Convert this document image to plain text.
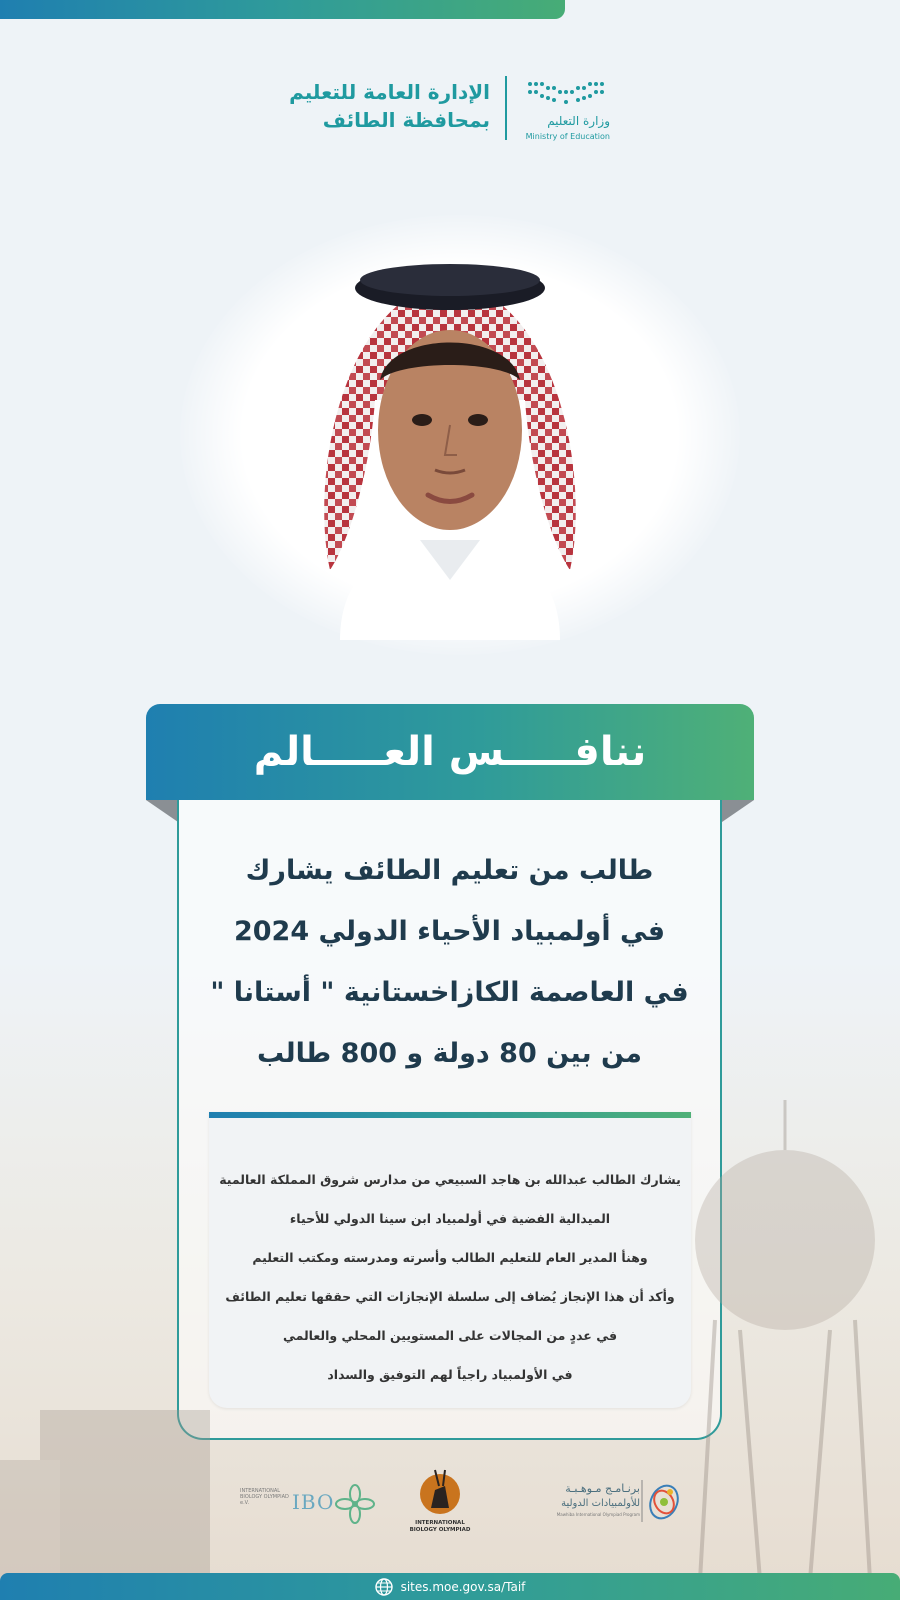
الإدارة العامة للتعليم
بمحافظة الطائف	وزارة التعليم
Ministry of Education
ننافـــــس العـــــالم
طالب من تعليم الطائف يشارك
في أولمبياد الأحياء الدولي 2024
في العاصمة الكازاخستانية " أستانا "
من بين 80 دولة و 800 طالب
يشارك الطالب عبدالله بن هاجد السبيعي من مدارس شروق المملكة العالمية
الميدالية الفضية في أولمبياد ابن سينا الدولي للأحياء
وهنأ المدير العام للتعليم الطالب وأسرته ومدرسته ومكتب التعليم
وأكد أن هذا الإنجاز يُضاف إلى سلسلة الإنجازات التي حققها تعليم الطائف
في عددٍ من المجالات على المستويين المحلي والعالمي
في الأولمبياد راجياً لهم التوفيق والسداد
INTERNATIONAL BIOLOGY OLYMPIAD e.V.	IBO
INTERNATIONAL BIOLOGY OLYMPIAD
برنـامـج مـوهـبـة
للأولمبيادات الدولية
Mawhiba International Olympiad Program
sites.moe.gov.sa/Taif
